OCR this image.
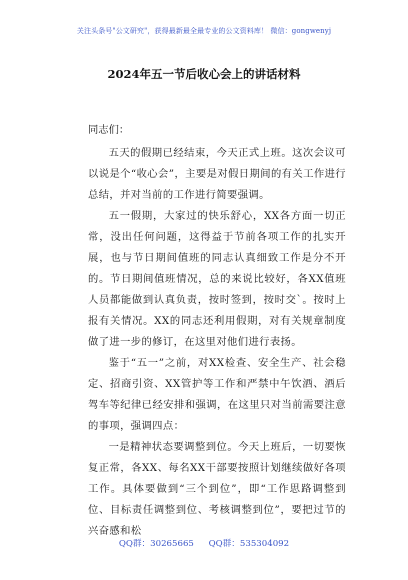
关注头条号"公文研究"，获得最新最全最专业的公文资料库！ 微信：gongwenyj
2024年五一节后收心会上的讲话材料

同志们：

五天的假期已经结束，今天正式上班。这次会议可以说是个“收心会”，主要是对假日期间的有关工作进行总结，并对当前的工作进行简要强调。

五一假期，大家过的快乐舒心，XX各方面一切正常，没出任何问题，这得益于节前各项工作的扎实开展，也与节日期间值班的同志认真细致工作是分不开的。节日期间值班情况，总的来说比较好，各XX值班人员都能做到认真负责，按时签到，按时交`。按时上报有关情况。XX的同志还利用假期，对有关规章制度做了进一步的修订，在这里对他们进行表扬。

鉴于“五一”之前，对XX检查、安全生产、社会稳定、招商引资、XX管护等工作和严禁中午饮酒、酒后驾车等纪律已经安排和强调，在这里只对当前需要注意的事项，强调四点：

一是精神状态要调整到位。今天上班后，一切要恢复正常，各XX、每名XX干部要按照计划继续做好各项工作。具体要做到“三个到位”，即“工作思路调整到位、目标责任调整到位、考核调整到位”，要把过节的兴奋感和松

QQ群：30265665 QQ群：535304092
